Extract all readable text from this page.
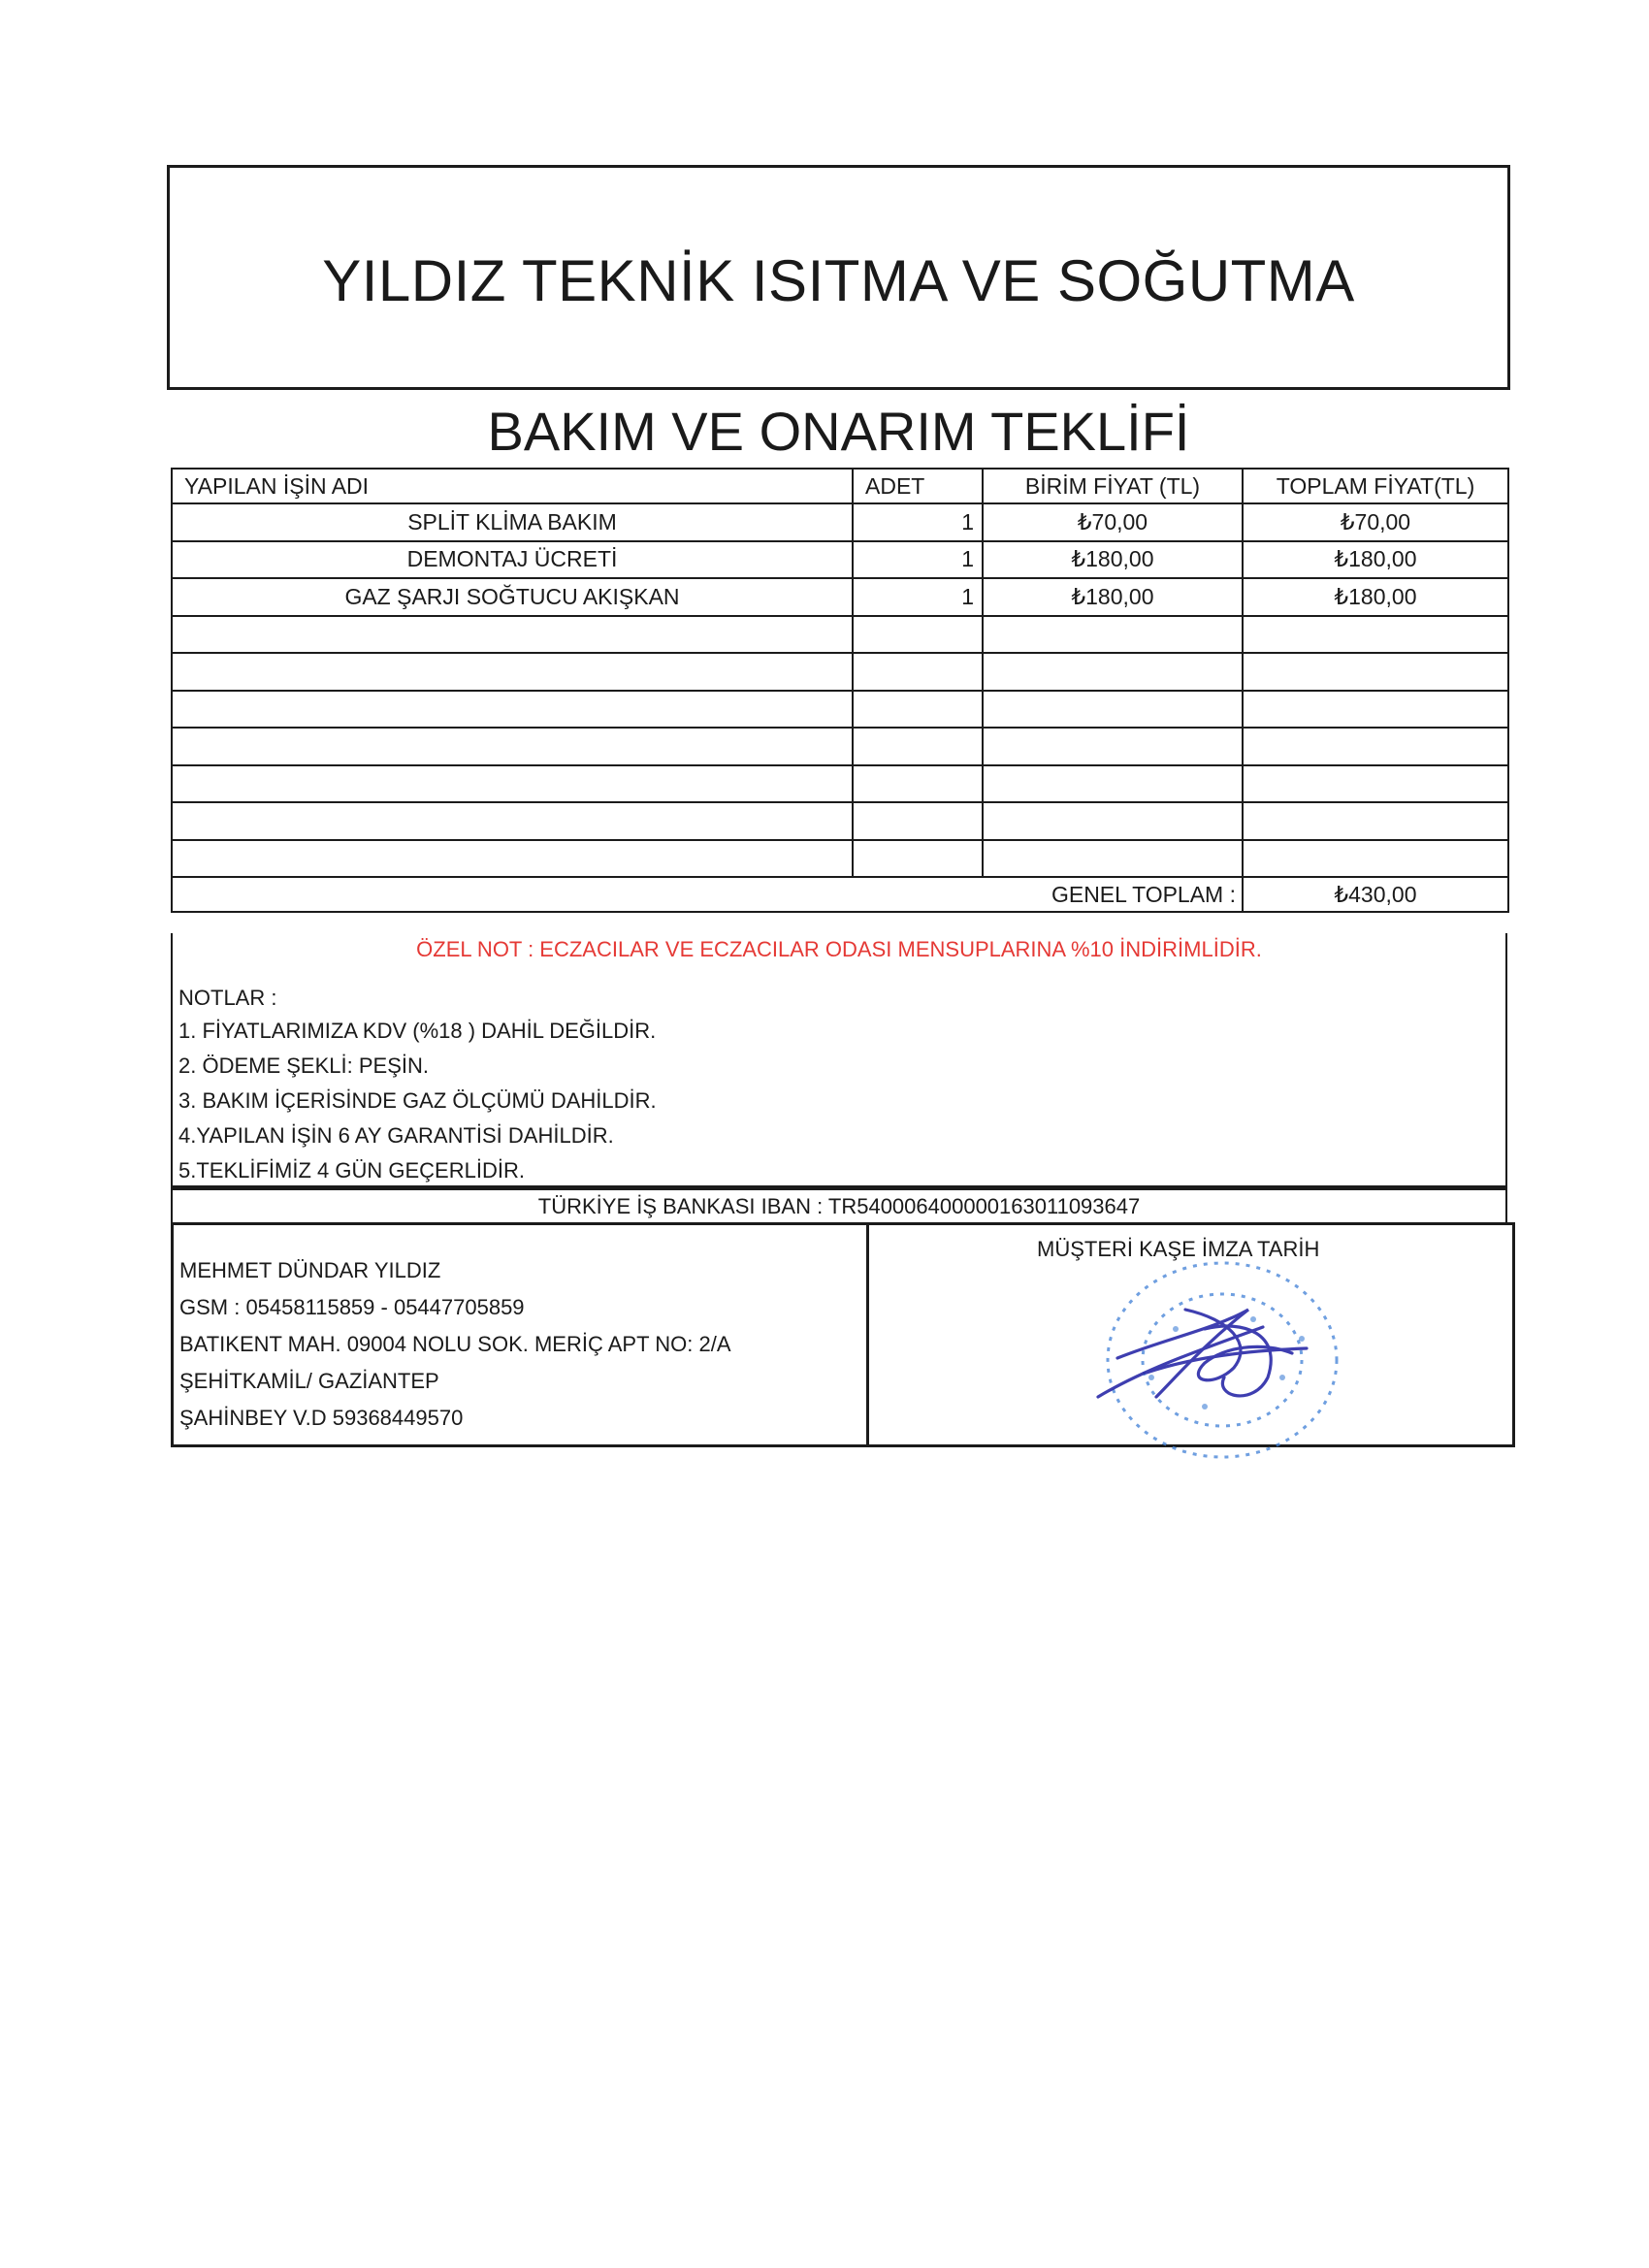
YILDIZ TEKNİK ISITMA VE SOĞUTMA
BAKIM VE ONARIM TEKLİFİ
YAPILAN İŞİN ADI	ADET	BİRİM FİYAT (TL)	TOPLAM FİYAT(TL)
SPLİT KLİMA BAKIM	1	₺70,00	₺70,00
DEMONTAJ ÜCRETİ	1	₺180,00	₺180,00
GAZ ŞARJI SOĞTUCU AKIŞKAN	1	₺180,00	₺180,00

		GENEL TOPLAM :	₺430,00
ÖZEL NOT : ECZACILAR VE ECZACILAR ODASI MENSUPLARINA %10 İNDİRİMLİDİR.
NOTLAR :
1. FİYATLARIMIZA KDV (%18 ) DAHİL DEĞİLDİR.
2. ÖDEME ŞEKLİ: PEŞİN.
3. BAKIM İÇERİSİNDE GAZ ÖLÇÜMÜ DAHİLDİR.
4.YAPILAN İŞİN 6 AY GARANTİSİ DAHİLDİR.
5.TEKLİFİMİZ 4 GÜN GEÇERLİDİR.
TÜRKİYE İŞ BANKASI IBAN : TR540006400000163011093647
MEHMET DÜNDAR YILDIZ
GSM : 05458115859 - 05447705859
BATIKENT MAH. 09004 NOLU SOK. MERİÇ APT NO: 2/A
ŞEHİTKAMİL/ GAZİANTEP
ŞAHİNBEY V.D 59368449570
MÜŞTERİ KAŞE İMZA TARİH
